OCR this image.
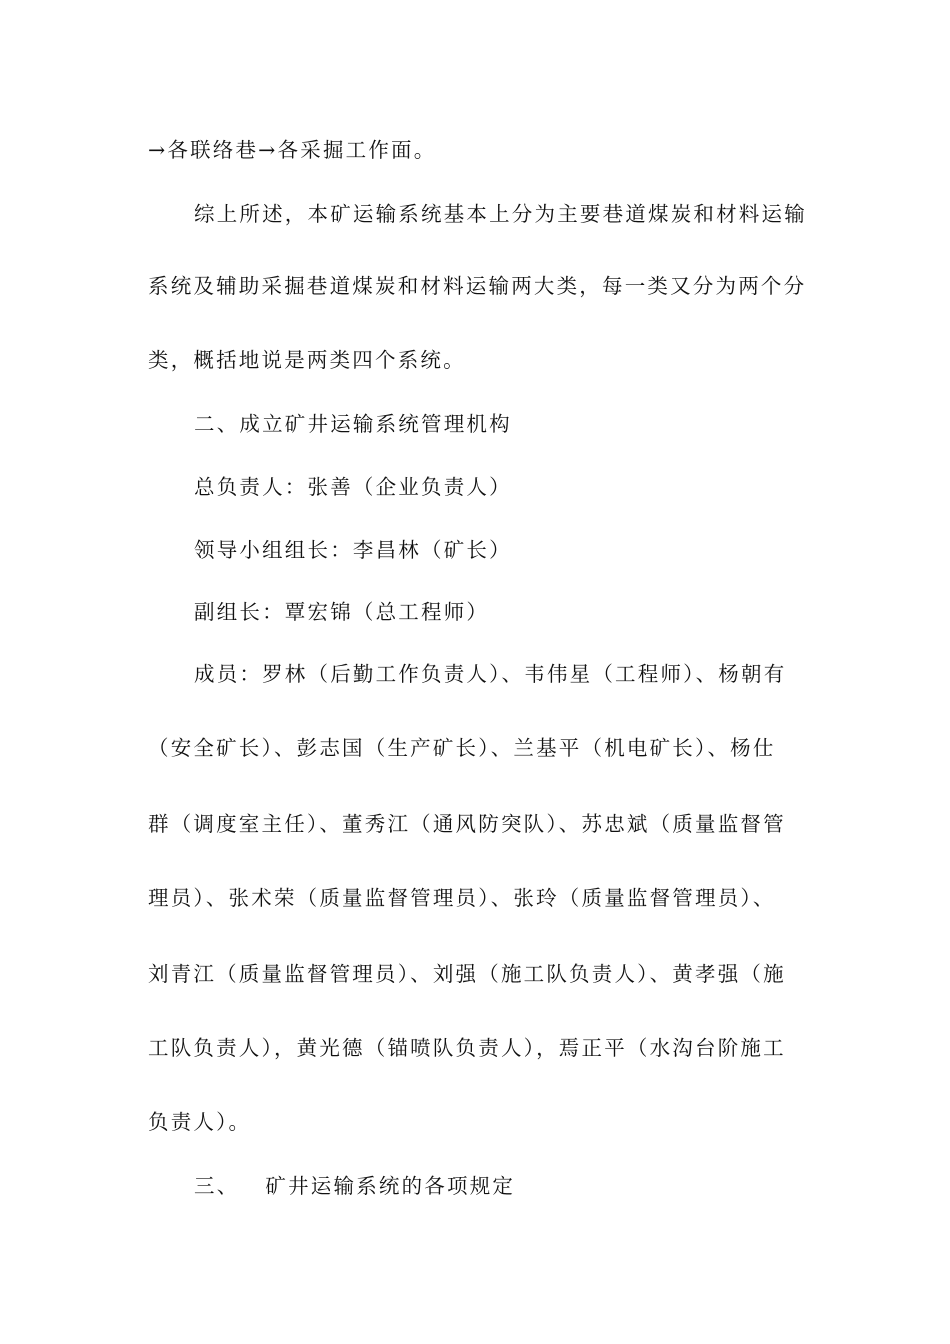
→各联络巷→各采掘工作面。
综上所述，本矿运输系统基本上分为主要巷道煤炭和材料运输
系统及辅助采掘巷道煤炭和材料运输两大类，每一类又分为两个分
类，概括地说是两类四个系统。
二、成立矿井运输系统管理机构
总负责人：张善（企业负责人）
领导小组组长：李昌林（矿长）
副组长：覃宏锦（总工程师）
成员：罗林（后勤工作负责人）、韦伟星（工程师）、杨朝有
（安全矿长）、彭志国（生产矿长）、兰基平（机电矿长）、杨仕
群（调度室主任）、董秀江（通风防突队）、苏忠斌（质量监督管
理员）、张术荣（质量监督管理员）、张玲（质量监督管理员）、
刘青江（质量监督管理员）、刘强（施工队负责人）、黄孝强（施
工队负责人），黄光德（锚喷队负责人），焉正平（水沟台阶施工
负责人）。
三、 矿井运输系统的各项规定
